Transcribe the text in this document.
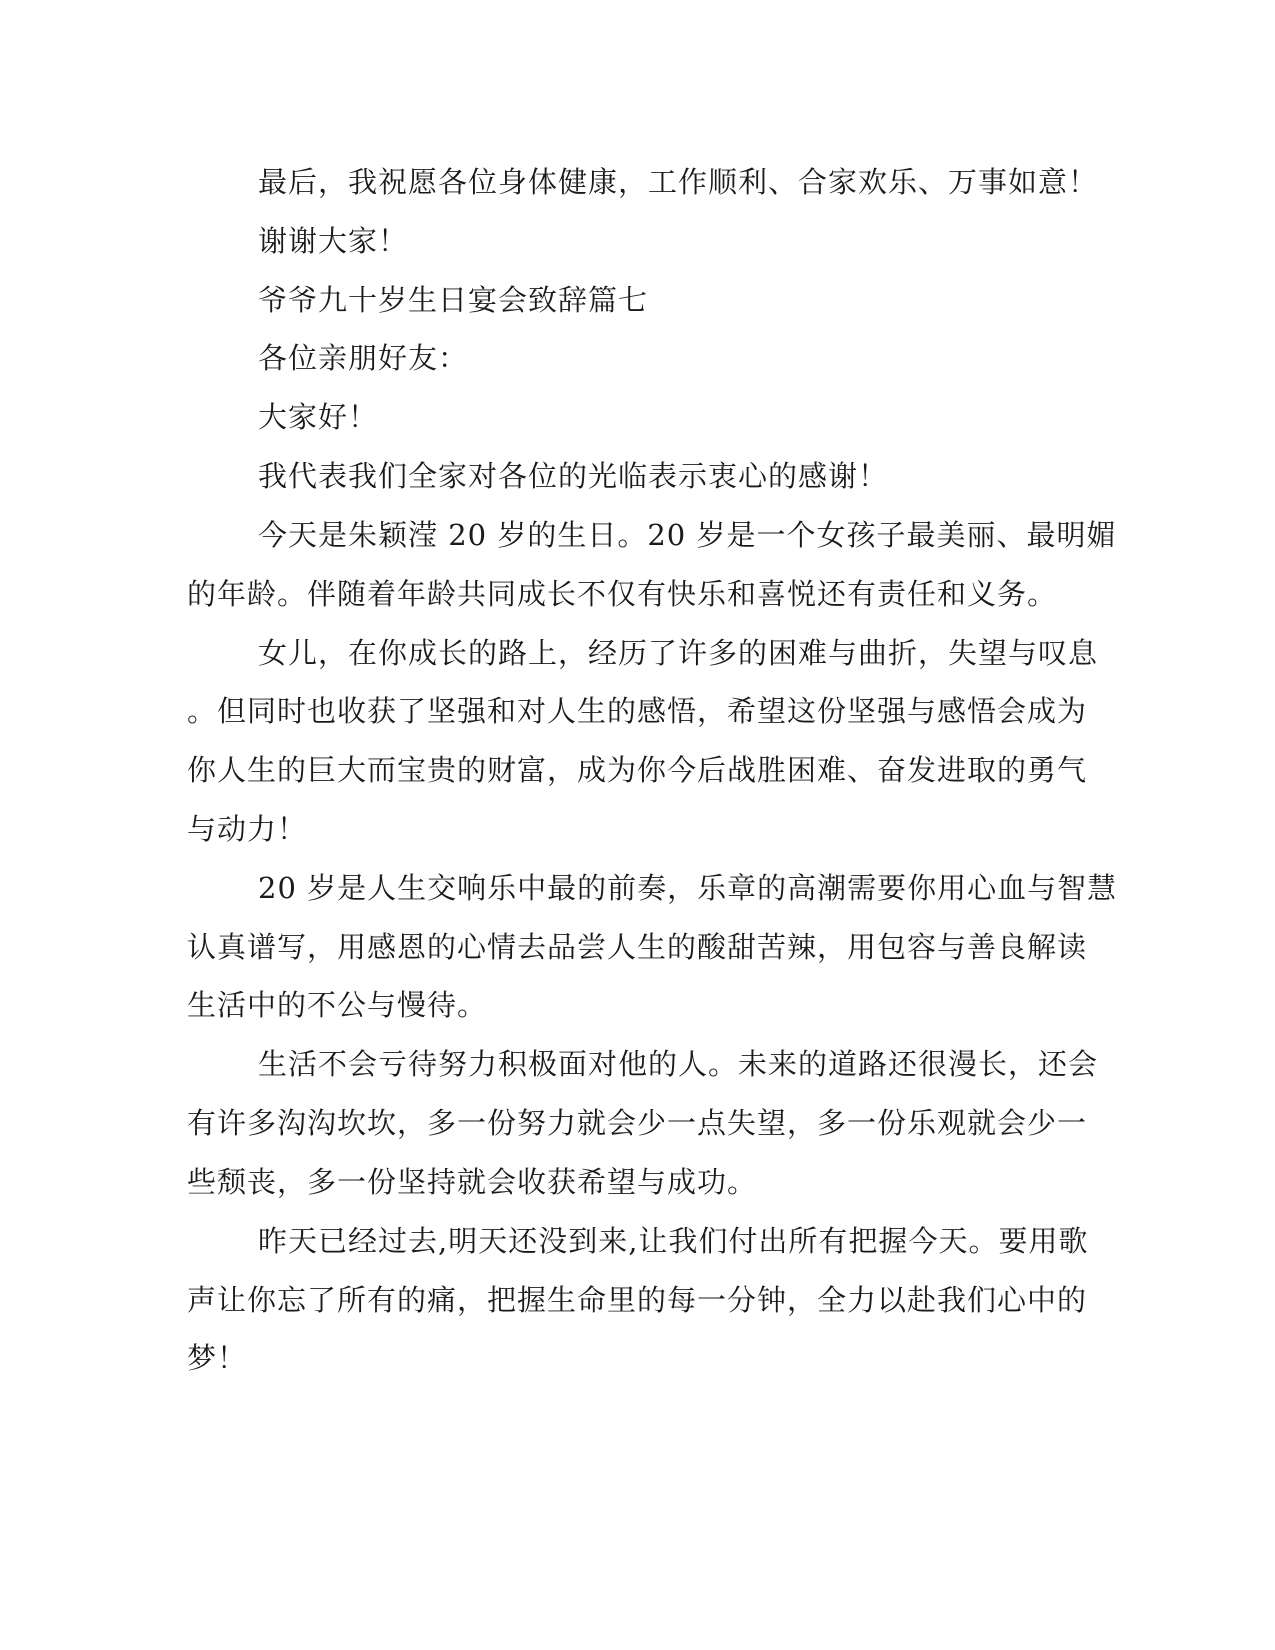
最后，我祝愿各位身体健康，工作顺利、合家欢乐、万事如意！
谢谢大家！
爷爷九十岁生日宴会致辞篇七
各位亲朋好友：
大家好！
我代表我们全家对各位的光临表示衷心的感谢！
今天是朱颖滢 20 岁的生日。20 岁是一个女孩子最美丽、最明媚
的年龄。伴随着年龄共同成长不仅有快乐和喜悦还有责任和义务。
女儿，在你成长的路上，经历了许多的困难与曲折，失望与叹息
。但同时也收获了坚强和对人生的感悟，希望这份坚强与感悟会成为
你人生的巨大而宝贵的财富，成为你今后战胜困难、奋发进取的勇气
与动力！
20 岁是人生交响乐中最的前奏，乐章的高潮需要你用心血与智慧
认真谱写，用感恩的心情去品尝人生的酸甜苦辣，用包容与善良解读
生活中的不公与慢待。
生活不会亏待努力积极面对他的人。未来的道路还很漫长，还会
有许多沟沟坎坎，多一份努力就会少一点失望，多一份乐观就会少一
些颓丧，多一份坚持就会收获希望与成功。
昨天已经过去,明天还没到来,让我们付出所有把握今天。要用歌
声让你忘了所有的痛，把握生命里的每一分钟，全力以赴我们心中的
梦！
